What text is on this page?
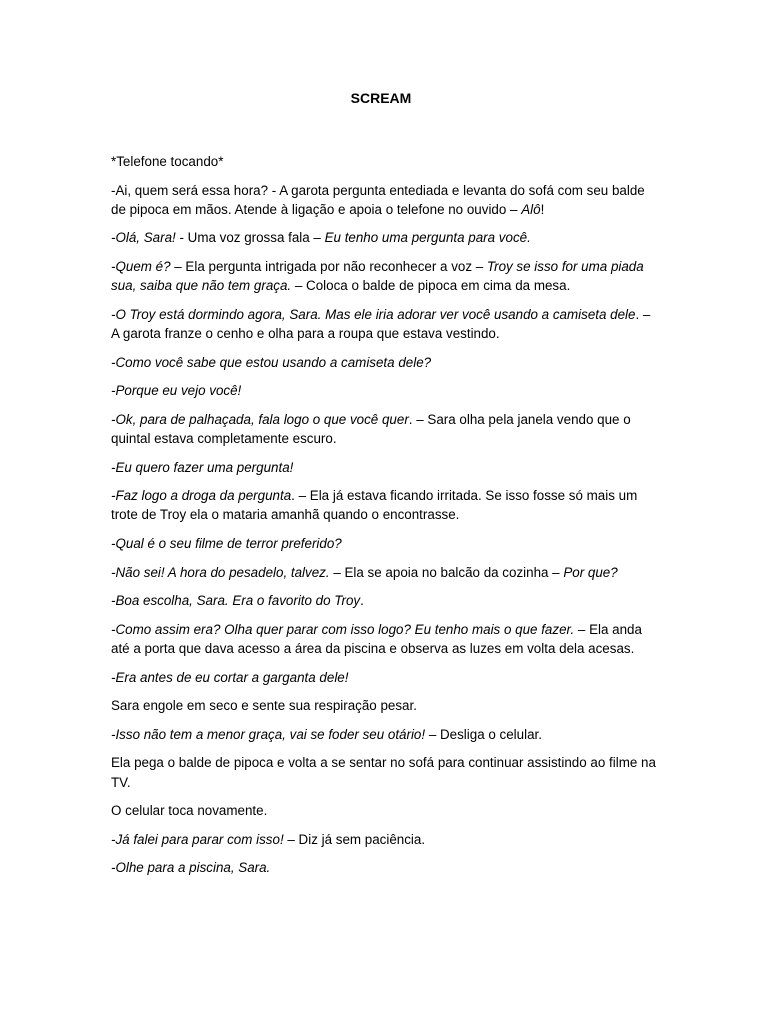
SCREAM

*Telefone tocando*

-Ai, quem será essa hora? - A garota pergunta entediada e levanta do sofá com seu balde de pipoca em mãos. Atende à ligação e apoia o telefone no ouvido – Alô!

-Olá, Sara! - Uma voz grossa fala – Eu tenho uma pergunta para você.

-Quem é? – Ela pergunta intrigada por não reconhecer a voz – Troy se isso for uma piada sua, saiba que não tem graça. – Coloca o balde de pipoca em cima da mesa.

-O Troy está dormindo agora, Sara. Mas ele iria adorar ver você usando a camiseta dele. – A garota franze o cenho e olha para a roupa que estava vestindo.

-Como você sabe que estou usando a camiseta dele?

-Porque eu vejo você!

-Ok, para de palhaçada, fala logo o que você quer. – Sara olha pela janela vendo que o quintal estava completamente escuro.

-Eu quero fazer uma pergunta!

-Faz logo a droga da pergunta. – Ela já estava ficando irritada. Se isso fosse só mais um trote de Troy ela o mataria amanhã quando o encontrasse.

-Qual é o seu filme de terror preferido?

-Não sei! A hora do pesadelo, talvez. – Ela se apoia no balcão da cozinha – Por que?

-Boa escolha, Sara. Era o favorito do Troy.

-Como assim era? Olha quer parar com isso logo? Eu tenho mais o que fazer. – Ela anda até a porta que dava acesso a área da piscina e observa as luzes em volta dela acesas.

-Era antes de eu cortar a garganta dele!

Sara engole em seco e sente sua respiração pesar.

-Isso não tem a menor graça, vai se foder seu otário! – Desliga o celular.

Ela pega o balde de pipoca e volta a se sentar no sofá para continuar assistindo ao filme na TV.

O celular toca novamente.

-Já falei para parar com isso! – Diz já sem paciência.

-Olhe para a piscina, Sara.
